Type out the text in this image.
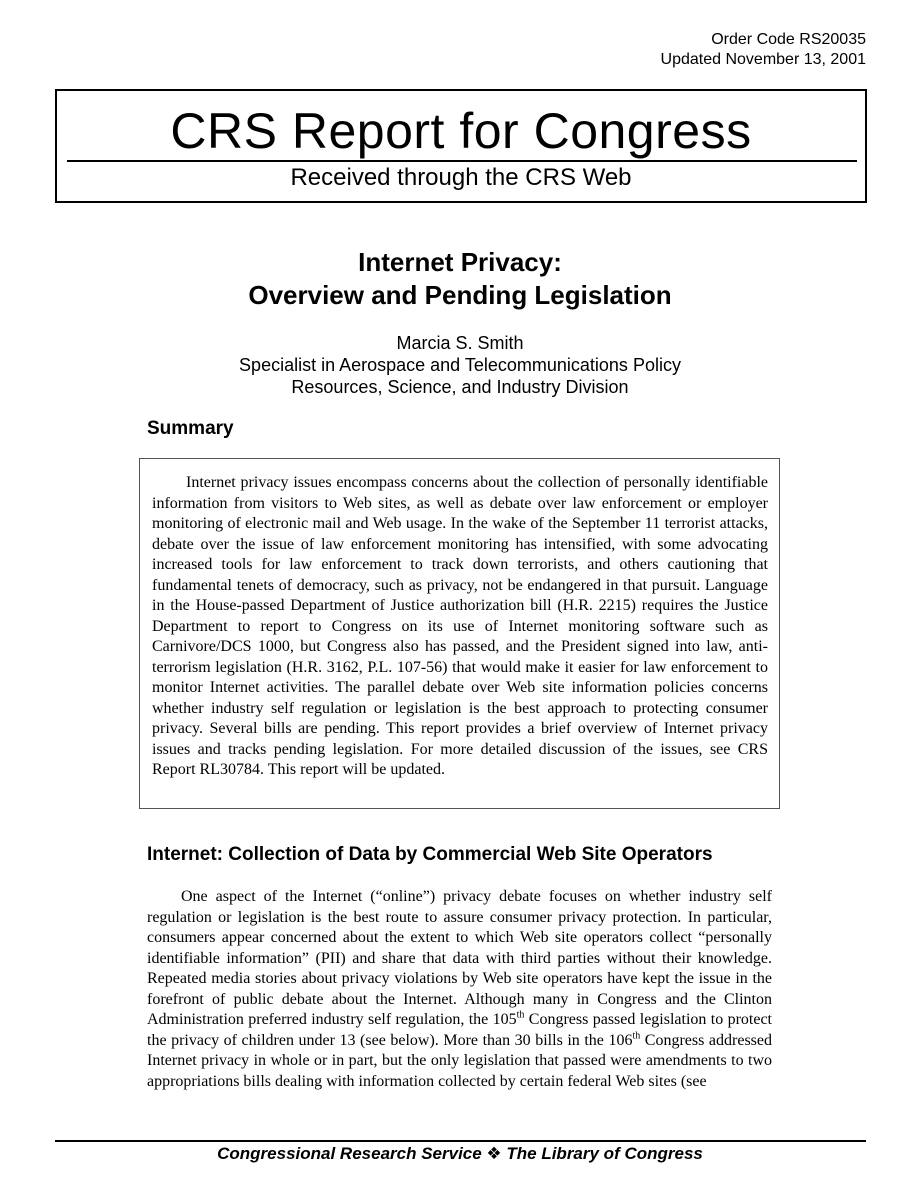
Order Code RS20035
Updated November 13, 2001
CRS Report for Congress
Received through the CRS Web
Internet Privacy:
Overview and Pending Legislation
Marcia S. Smith
Specialist in Aerospace and Telecommunications Policy
Resources, Science, and Industry Division
Summary

Internet privacy issues encompass concerns about the collection of personally identifiable information from visitors to Web sites, as well as debate over law enforcement or employer monitoring of electronic mail and Web usage. In the wake of the September 11 terrorist attacks, debate over the issue of law enforcement monitoring has intensified, with some advocating increased tools for law enforcement to track down terrorists, and others cautioning that fundamental tenets of democracy, such as privacy, not be endangered in that pursuit. Language in the House-passed Department of Justice authorization bill (H.R. 2215) requires the Justice Department to report to Congress on its use of Internet monitoring software such as Carnivore/DCS 1000, but Congress also has passed, and the President signed into law, anti-terrorism legislation (H.R. 3162, P.L. 107-56) that would make it easier for law enforcement to monitor Internet activities. The parallel debate over Web site information policies concerns whether industry self regulation or legislation is the best approach to protecting consumer privacy. Several bills are pending. This report provides a brief overview of Internet privacy issues and tracks pending legislation. For more detailed discussion of the issues, see CRS Report RL30784. This report will be updated.

Internet: Collection of Data by Commercial Web Site Operators

One aspect of the Internet (“online”) privacy debate focuses on whether industry self regulation or legislation is the best route to assure consumer privacy protection. In particular, consumers appear concerned about the extent to which Web site operators collect “personally identifiable information” (PII) and share that data with third parties without their knowledge. Repeated media stories about privacy violations by Web site operators have kept the issue in the forefront of public debate about the Internet. Although many in Congress and the Clinton Administration preferred industry self regulation, the 105th Congress passed legislation to protect the privacy of children under 13 (see below). More than 30 bills in the 106th Congress addressed Internet privacy in whole or in part, but the only legislation that passed were amendments to two appropriations bills dealing with information collected by certain federal Web sites (see

Congressional Research Service ❖ The Library of Congress
